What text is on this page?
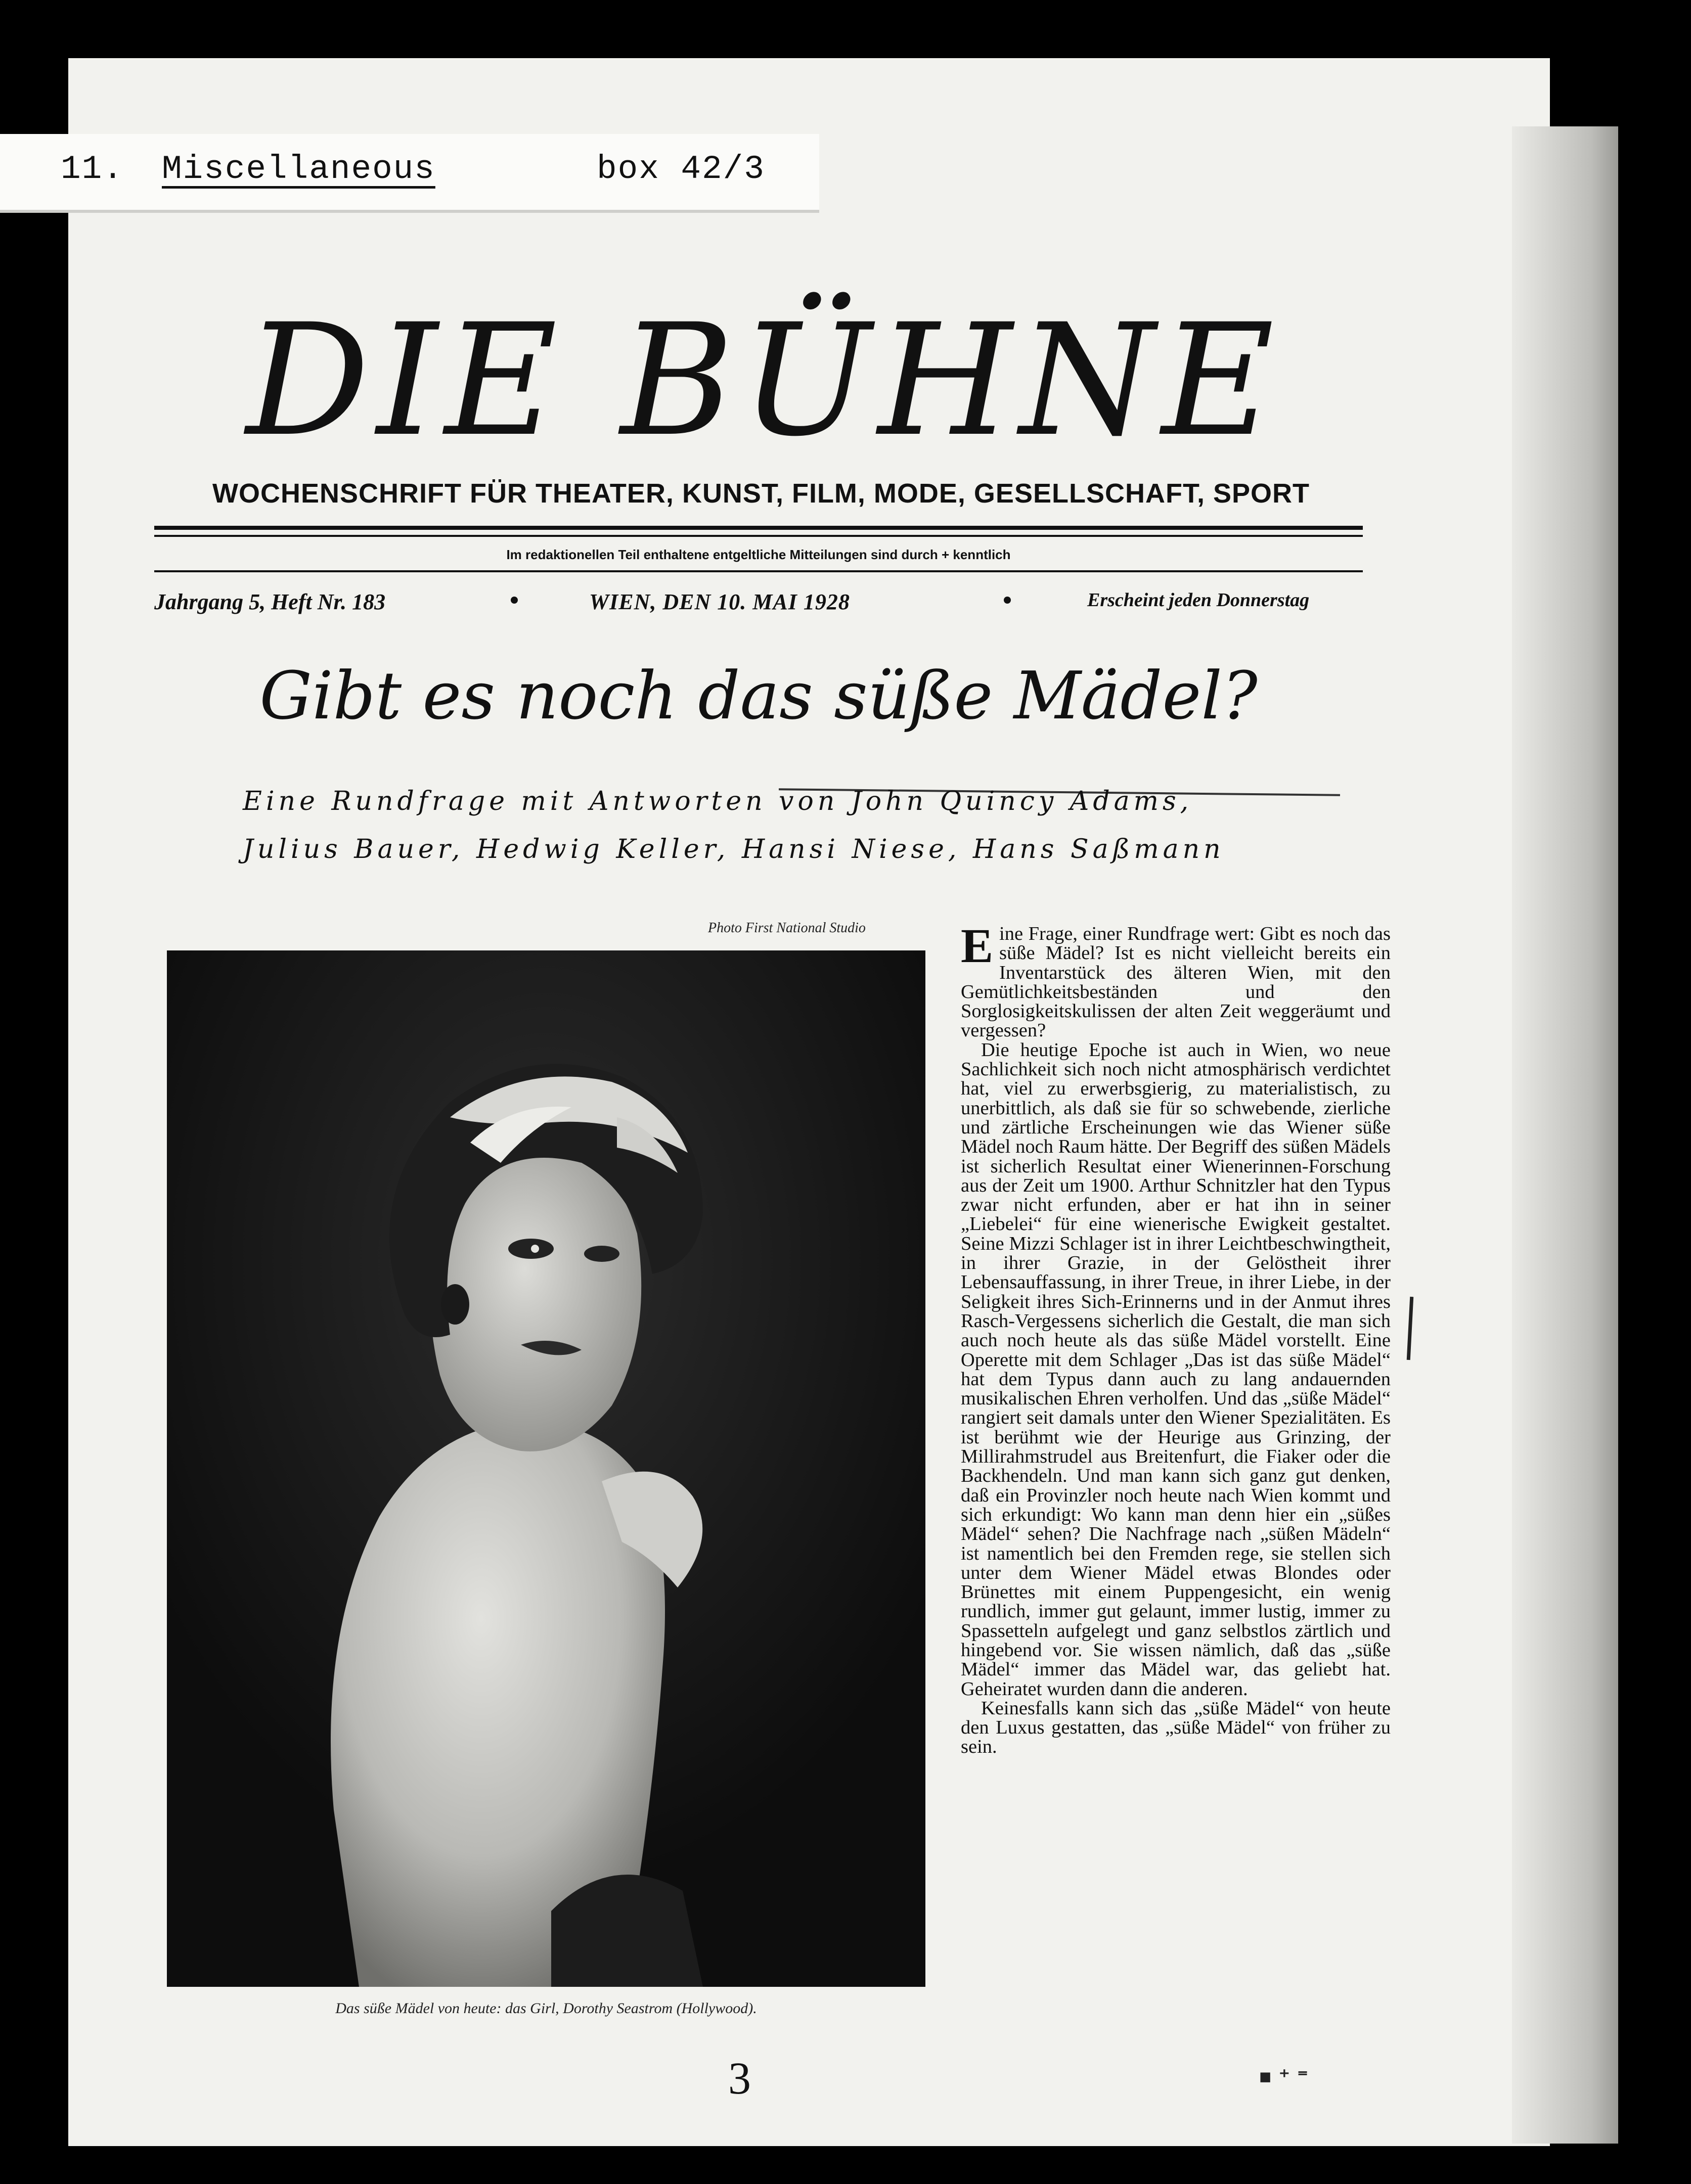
11. Miscellaneous	box 42/3
DIE BÜHNE
WOCHENSCHRIFT FÜR THEATER, KUNST, FILM, MODE, GESELLSCHAFT, SPORT
Im redaktionellen Teil enthaltene entgeltliche Mitteilungen sind durch + kenntlich
Jahrgang 5, Heft Nr. 183	WIEN, DEN 10. MAI 1928	Erscheint jeden Donnerstag
Gibt es noch das süße Mädel?
Eine Rundfrage mit Antworten von John Quincy Adams,
Julius Bauer, Hedwig Keller, Hansi Niese, Hans Saßmann
Photo First National Studio
Das süße Mädel von heute: das Girl, Dorothy Seastrom (Hollywood).

Eine Frage, einer Rundfrage wert: Gibt es noch das süße Mädel? Ist es nicht vielleicht bereits ein Inventarstück des älteren Wien, mit den Gemütlichkeitsbeständen und den Sorglosigkeitskulissen der alten Zeit weggeräumt und vergessen?

Die heutige Epoche ist auch in Wien, wo neue Sachlichkeit sich noch nicht atmosphärisch verdichtet hat, viel zu erwerbsgierig, zu materialistisch, zu unerbittlich, als daß sie für so schwebende, zierliche und zärtliche Erscheinungen wie das Wiener süße Mädel noch Raum hätte. Der Begriff des süßen Mädels ist sicherlich Resultat einer Wienerinnen-Forschung aus der Zeit um 1900. Arthur Schnitzler hat den Typus zwar nicht erfunden, aber er hat ihn in seiner „Liebelei“ für eine wienerische Ewigkeit gestaltet. Seine Mizzi Schlager ist in ihrer Leichtbeschwingtheit, in ihrer Grazie, in der Gelöstheit ihrer Lebensauffassung, in ihrer Treue, in ihrer Liebe, in der Seligkeit ihres Sich-Erinnerns und in der Anmut ihres Rasch-Vergessens sicherlich die Gestalt, die man sich auch noch heute als das süße Mädel vorstellt. Eine Operette mit dem Schlager „Das ist das süße Mädel“ hat dem Typus dann auch zu lang andauernden musikalischen Ehren verholfen. Und das „süße Mädel“ rangiert seit damals unter den Wiener Spezialitäten. Es ist berühmt wie der Heurige aus Grinzing, der Millirahmstrudel aus Breitenfurt, die Fiaker oder die Backhendeln. Und man kann sich ganz gut denken, daß ein Provinzler noch heute nach Wien kommt und sich erkundigt: Wo kann man denn hier ein „süßes Mädel“ sehen? Die Nachfrage nach „süßen Mädeln“ ist namentlich bei den Fremden rege, sie stellen sich unter dem Wiener Mädel etwas Blondes oder Brünettes mit einem Puppengesicht, ein wenig rundlich, immer gut gelaunt, immer lustig, immer zu Spassetteln aufgelegt und ganz selbstlos zärtlich und hingebend vor. Sie wissen nämlich, daß das „süße Mädel“ immer das Mädel war, das geliebt hat. Geheiratet wurden dann die anderen.

Keinesfalls kann sich das „süße Mädel“ von heute den Luxus gestatten, das „süße Mädel“ von früher zu sein.

3	■ ⁺ ⁼
